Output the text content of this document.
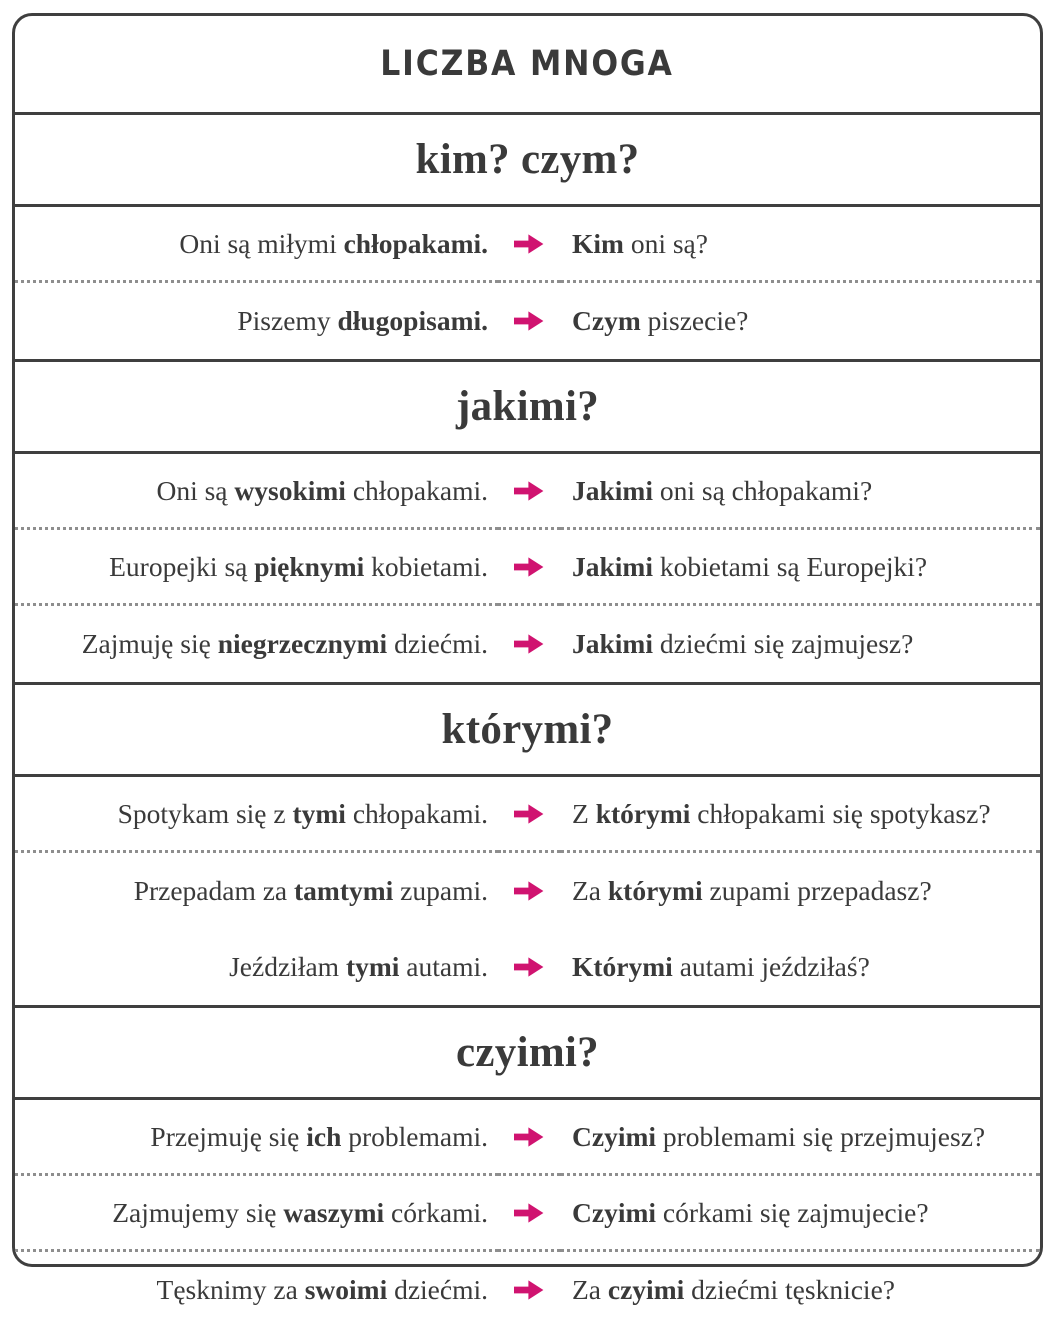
LICZBA MNOGA
kim? czym?
Oni są miłymi chłopakami.	Kim oni są?
Piszemy długopisami.	Czym piszecie?
jakimi?
Oni są wysokimi chłopakami.	Jakimi oni są chłopakami?
Europejki są pięknymi kobietami.	Jakimi kobietami są Europejki?
Zajmuję się niegrzecznymi dziećmi.	Jakimi dziećmi się zajmujesz?
którymi?
Spotykam się z tymi chłopakami.	Z którymi chłopakami się spotykasz?
Przepadam za tamtymi zupami.	Za którymi zupami przepadasz?
Jeździłam tymi autami.	Którymi autami jeździłaś?
czyimi?
Przejmuję się ich problemami.	Czyimi problemami się przejmujesz?
Zajmujemy się waszymi córkami.	Czyimi córkami się zajmujecie?
Tęsknimy za swoimi dziećmi.	Za czyimi dziećmi tęsknicie?
